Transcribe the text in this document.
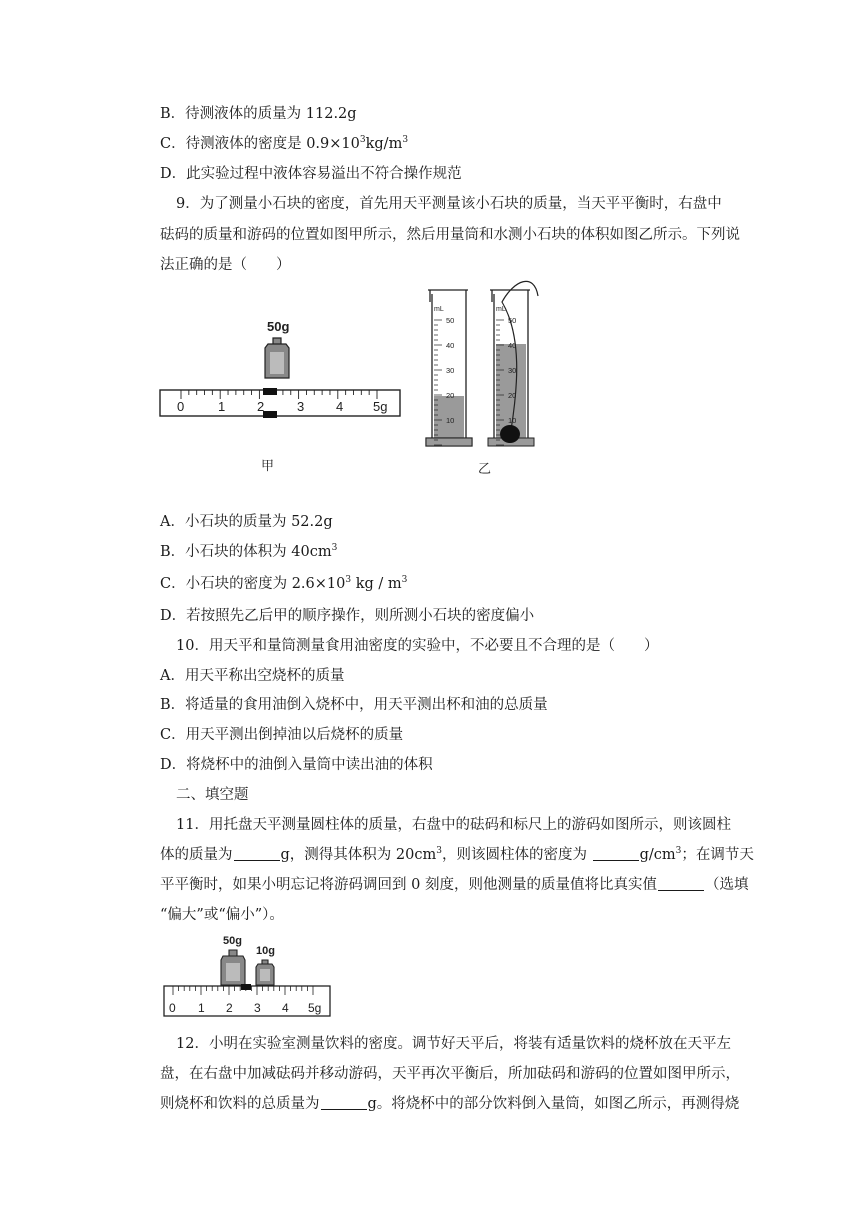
B．待测液体的质量为 112.2g
C．待测液体的密度是 $0.9\times 10^3kg/m^3$
D．此实验过程中液体容易溢出不符合操作规范
9．为了测量小石块的密度，首先用天平测量该小石块的质量，当天平平衡时，右盘中
砝码的质量和游码的位置如图甲所示，然后用量筒和水测小石块的体积如图乙所示。下列说
法正确的是（　　）
50g
0	1 2	3 4 5g
甲
mL
50
40
30
20
10
mL
50
40
30
20
10
乙
A．小石块的质量为 52.2g
B．小石块的体积为 $40cm^3$
C．小石块的密度为 $2.6\times 10^3$ kg / $m^3$
D．若按照先乙后甲的顺序操作，则所测小石块的密度偏小
10．用天平和量筒测量食用油密度的实验中，不必要且不合理的是（　　）
A．用天平称出空烧杯的质量
B．将适量的食用油倒入烧杯中，用天平测出杯和油的总质量
C．用天平测出倒掉油以后烧杯的质量
D．将烧杯中的油倒入量筒中读出油的体积
二、填空题
11．用托盘天平测量圆柱体的质量，右盘中的砝码和标尺上的游码如图所示，则该圆柱
体的质量为	g，测得其体积为 $20cm^3$，则该圆柱体的密度为	$g/cm^3$；在调节天
平平衡时，如果小明忘记将游码调回到 0 刻度，则他测量的质量值将比真实值	（选填
“偏大”或“偏小”）。
50g
10g
0 1 2 3 4 5g
12．小明在实验室测量饮料的密度。调节好天平后，将装有适量饮料的烧杯放在天平左
盘，在右盘中加减砝码并移动游码，天平再次平衡后，所加砝码和游码的位置如图甲所示，
则烧杯和饮料的总质量为	g。将烧杯中的部分饮料倒入量筒，如图乙所示，再测得烧
